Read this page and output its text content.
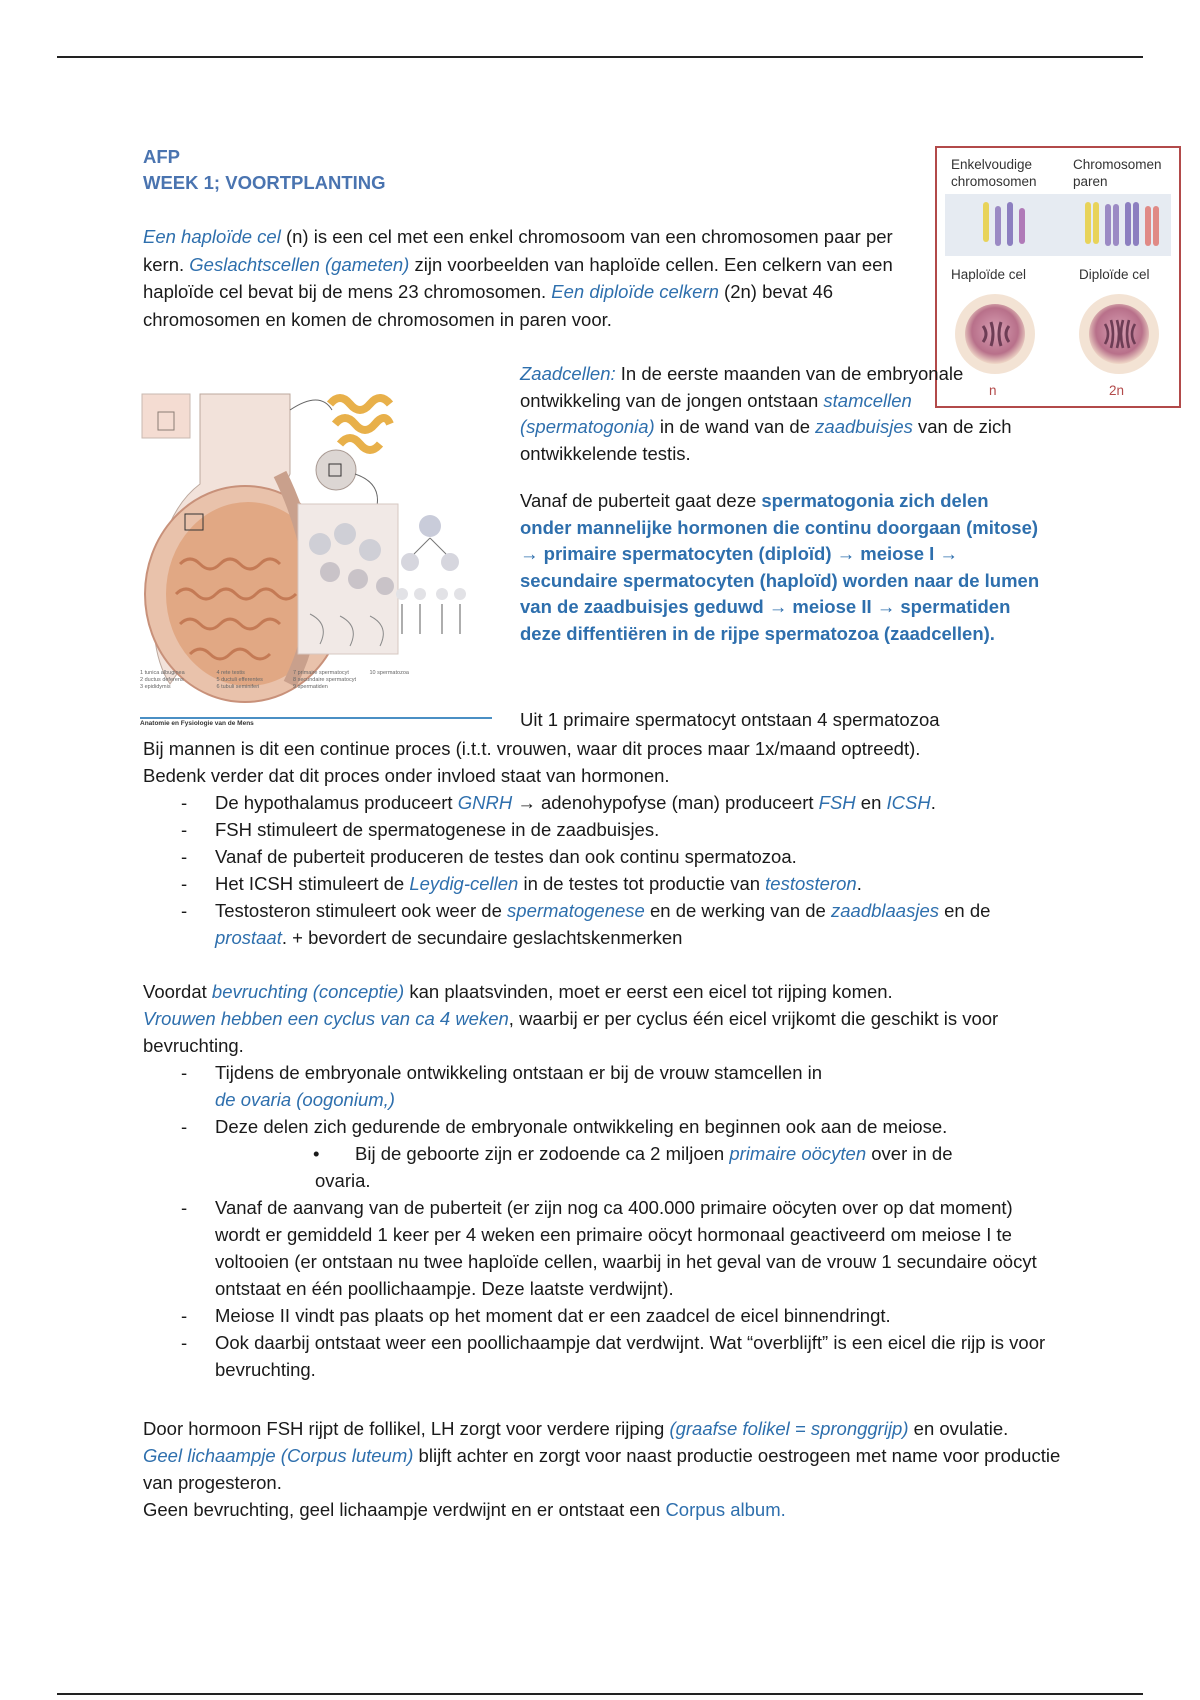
AFP
WEEK 1; VOORTPLANTING
Een haploïde cel (n) is een cel met een enkel chromosoom van een chromosomen paar per kern. Geslachtscellen (gameten) zijn voorbeelden van haploïde cellen. Een celkern van een haploïde cel bevat bij de mens 23 chromosomen. Een diploïde celkern (2n) bevat 46 chromosomen en komen de chromosomen in paren voor.
Enkelvoudige chromosomen
Chromosomen paren
Haploïde cel	Diploïde cel
n	2n
1 tunica albuginea
2 ductus deferens
3 epididymis
4 rete testis
5 ductuli efferentes
6 tubuli seminiferi
7 primaire spermatocyt
8 secundaire spermatocyt
9 spermatiden
10 spermatozoa
Anatomie en Fysiologie van de Mens

Zaadcellen: In de eerste maanden van de embryonale ontwikkeling van de jongen ontstaan stamcellen (spermatogonia) in de wand van de zaadbuisjes van de zich ontwikkelende testis.

Vanaf de puberteit gaat deze spermatogonia zich delen onder mannelijke hormonen die continu doorgaan (mitose) → primaire spermatocyten (diploïd) → meiose I → secundaire spermatocyten (haploïd) worden naar de lumen van de zaadbuisjes geduwd → meiose II → spermatiden deze diffentiëren in de rijpe spermatozoa (zaadcellen).

Uit 1 primaire spermatocyt ontstaan 4 spermatozoa

Bij mannen is dit een continue proces (i.t.t. vrouwen, waar dit proces maar 1x/maand optreedt).

Bedenk verder dat dit proces onder invloed staat van hormonen.

- De hypothalamus produceert GNRH → adenohypofyse (man) produceert FSH en ICSH.
- FSH stimuleert de spermatogenese in de zaadbuisjes.
- Vanaf de puberteit produceren de testes dan ook continu spermatozoa.
- Het ICSH stimuleert de Leydig-cellen in de testes tot productie van testosteron.
- Testosteron stimuleert ook weer de spermatogenese en de werking van de zaadblaasjes en de prostaat. + bevordert de secundaire geslachtskenmerken

Voordat bevruchting (conceptie) kan plaatsvinden, moet er eerst een eicel tot rijping komen.

Vrouwen hebben een cyclus van ca 4 weken, waarbij er per cyclus één eicel vrijkomt die geschikt is voor bevruchting.

- Tijdens de embryonale ontwikkeling ontstaan er bij de vrouw stamcellen in
de ovaria (oogonium,)
- Deze delen zich gedurende de embryonale ontwikkeling en beginnen ook aan de meiose.
•	Bij de geboorte zijn er zodoende ca 2 miljoen primaire oöcyten over in de
ovaria.
- Vanaf de aanvang van de puberteit (er zijn nog ca 400.000 primaire oöcyten over op dat moment) wordt er gemiddeld 1 keer per 4 weken een primaire oöcyt hormonaal geactiveerd om meiose I te voltooien (er ontstaan nu twee haploïde cellen, waarbij in het geval van de vrouw 1 secundaire oöcyt ontstaat en één poollichaampje. Deze laatste verdwijnt).
- Meiose II vindt pas plaats op het moment dat er een zaadcel de eicel binnendringt.
- Ook daarbij ontstaat weer een poollichaampje dat verdwijnt. Wat “overblijft” is een eicel die rijp is voor bevruchting.

Door hormoon FSH rijpt de follikel, LH zorgt voor verdere rijping (graafse folikel = spronggrijp) en ovulatie.

Geel lichaampje (Corpus luteum) blijft achter en zorgt voor naast productie oestrogeen met name voor productie van progesteron.

Geen bevruchting, geel lichaampje verdwijnt en er ontstaat een Corpus album.
